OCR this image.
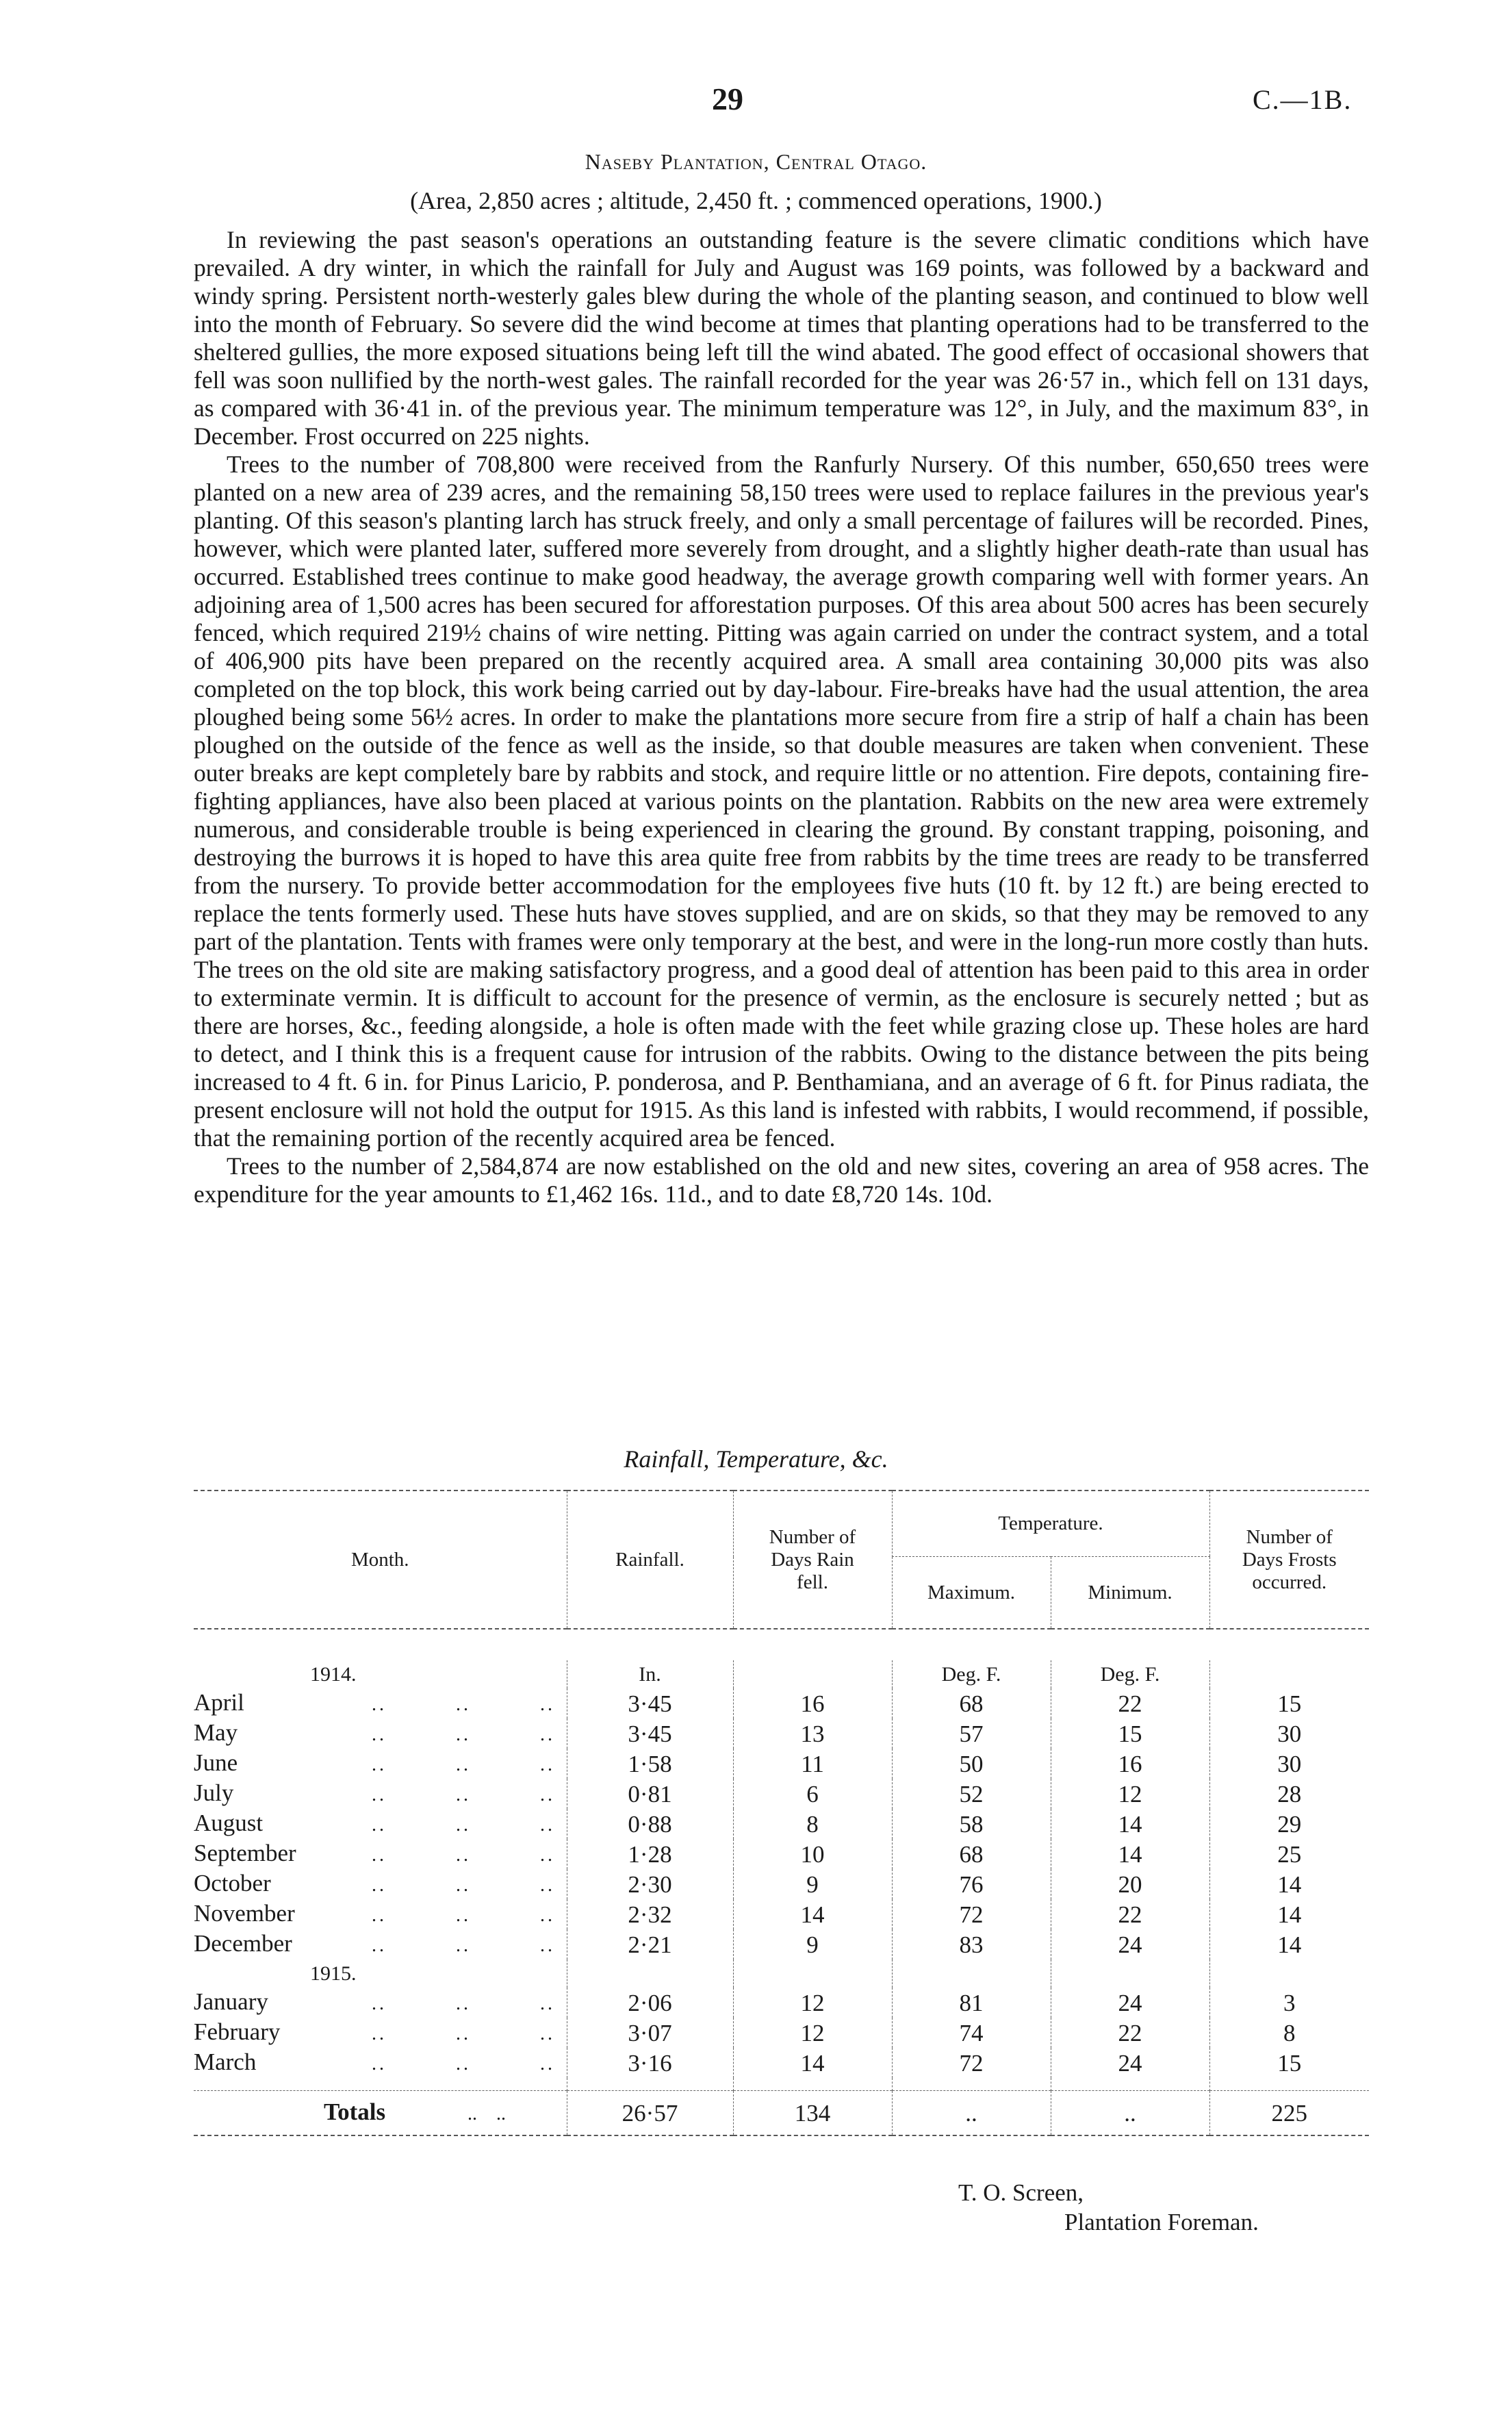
29	C.—1B.
Naseby Plantation, Central Otago.
(Area, 2,850 acres ; altitude, 2,450 ft. ; commenced operations, 1900.)

In reviewing the past season's operations an outstanding feature is the severe climatic conditions which have prevailed. A dry winter, in which the rainfall for July and August was 169 points, was followed by a backward and windy spring. Persistent north-westerly gales blew during the whole of the planting season, and continued to blow well into the month of February. So severe did the wind become at times that planting operations had to be transferred to the sheltered gullies, the more exposed situations being left till the wind abated. The good effect of occasional showers that fell was soon nullified by the north-west gales. The rainfall recorded for the year was 26·57 in., which fell on 131 days, as compared with 36·41 in. of the previous year. The minimum temperature was 12°, in July, and the maximum 83°, in December. Frost occurred on 225 nights.

Trees to the number of 708,800 were received from the Ranfurly Nursery. Of this number, 650,650 trees were planted on a new area of 239 acres, and the remaining 58,150 trees were used to replace failures in the previous year's planting. Of this season's planting larch has struck freely, and only a small percentage of failures will be recorded. Pines, however, which were planted later, suffered more severely from drought, and a slightly higher death-rate than usual has occurred. Established trees continue to make good headway, the average growth comparing well with former years. An adjoining area of 1,500 acres has been secured for afforestation purposes. Of this area about 500 acres has been securely fenced, which required 219½ chains of wire netting. Pitting was again carried on under the contract system, and a total of 406,900 pits have been prepared on the recently acquired area. A small area containing 30,000 pits was also completed on the top block, this work being carried out by day-labour. Fire-breaks have had the usual attention, the area ploughed being some 56½ acres. In order to make the plantations more secure from fire a strip of half a chain has been ploughed on the outside of the fence as well as the inside, so that double measures are taken when convenient. These outer breaks are kept completely bare by rabbits and stock, and require little or no attention. Fire depots, containing fire-fighting appliances, have also been placed at various points on the plantation. Rabbits on the new area were extremely numerous, and considerable trouble is being experienced in clearing the ground. By constant trapping, poisoning, and destroying the burrows it is hoped to have this area quite free from rabbits by the time trees are ready to be transferred from the nursery. To provide better accommodation for the employees five huts (10 ft. by 12 ft.) are being erected to replace the tents formerly used. These huts have stoves supplied, and are on skids, so that they may be removed to any part of the plantation. Tents with frames were only temporary at the best, and were in the long-run more costly than huts. The trees on the old site are making satisfactory progress, and a good deal of attention has been paid to this area in order to exterminate vermin. It is difficult to account for the presence of vermin, as the enclosure is securely netted ; but as there are horses, &c., feeding alongside, a hole is often made with the feet while grazing close up. These holes are hard to detect, and I think this is a frequent cause for intrusion of the rabbits. Owing to the distance between the pits being increased to 4 ft. 6 in. for Pinus Laricio, P. ponderosa, and P. Benthamiana, and an average of 6 ft. for Pinus radiata, the present enclosure will not hold the output for 1915. As this land is infested with rabbits, I would recommend, if possible, that the remaining portion of the recently acquired area be fenced.

Trees to the number of 2,584,874 are now established on the old and new sites, covering an area of 958 acres. The expenditure for the year amounts to £1,462 16s. 11d., and to date £8,720 14s. 10d.

Rainfall, Temperature, &c.
Month.	Rainfall.	Number of Days Rain fell.	Temperature.		Number of Days Frosts occurred.
			Maximum.	Minimum.	

1914.	In.		Deg. F.	Deg. F.	
April .. .. ..	3·45	16	68	22	15
May .. .. ..	3·45	13	57	15	30
June .. .. ..	1·58	11	50	16	30
July .. .. ..	0·81	6	52	12	28
August .. .. ..	0·88	8	58	14	29
September .. .. ..	1·28	10	68	14	25
October .. .. ..	2·30	9	76	20	14
November .. .. ..	2·32	14	72	22	14
December .. .. ..	2·21	9	83	24	14
1915.					
January .. .. ..	2·06	12	81	24	3
February .. .. ..	3·07	12	74	22	8
March .. .. ..	3·16	14	72	24	15

Totals ..    ..	26·57	134	..	..	225
T. O. Screen,
Plantation Foreman.
